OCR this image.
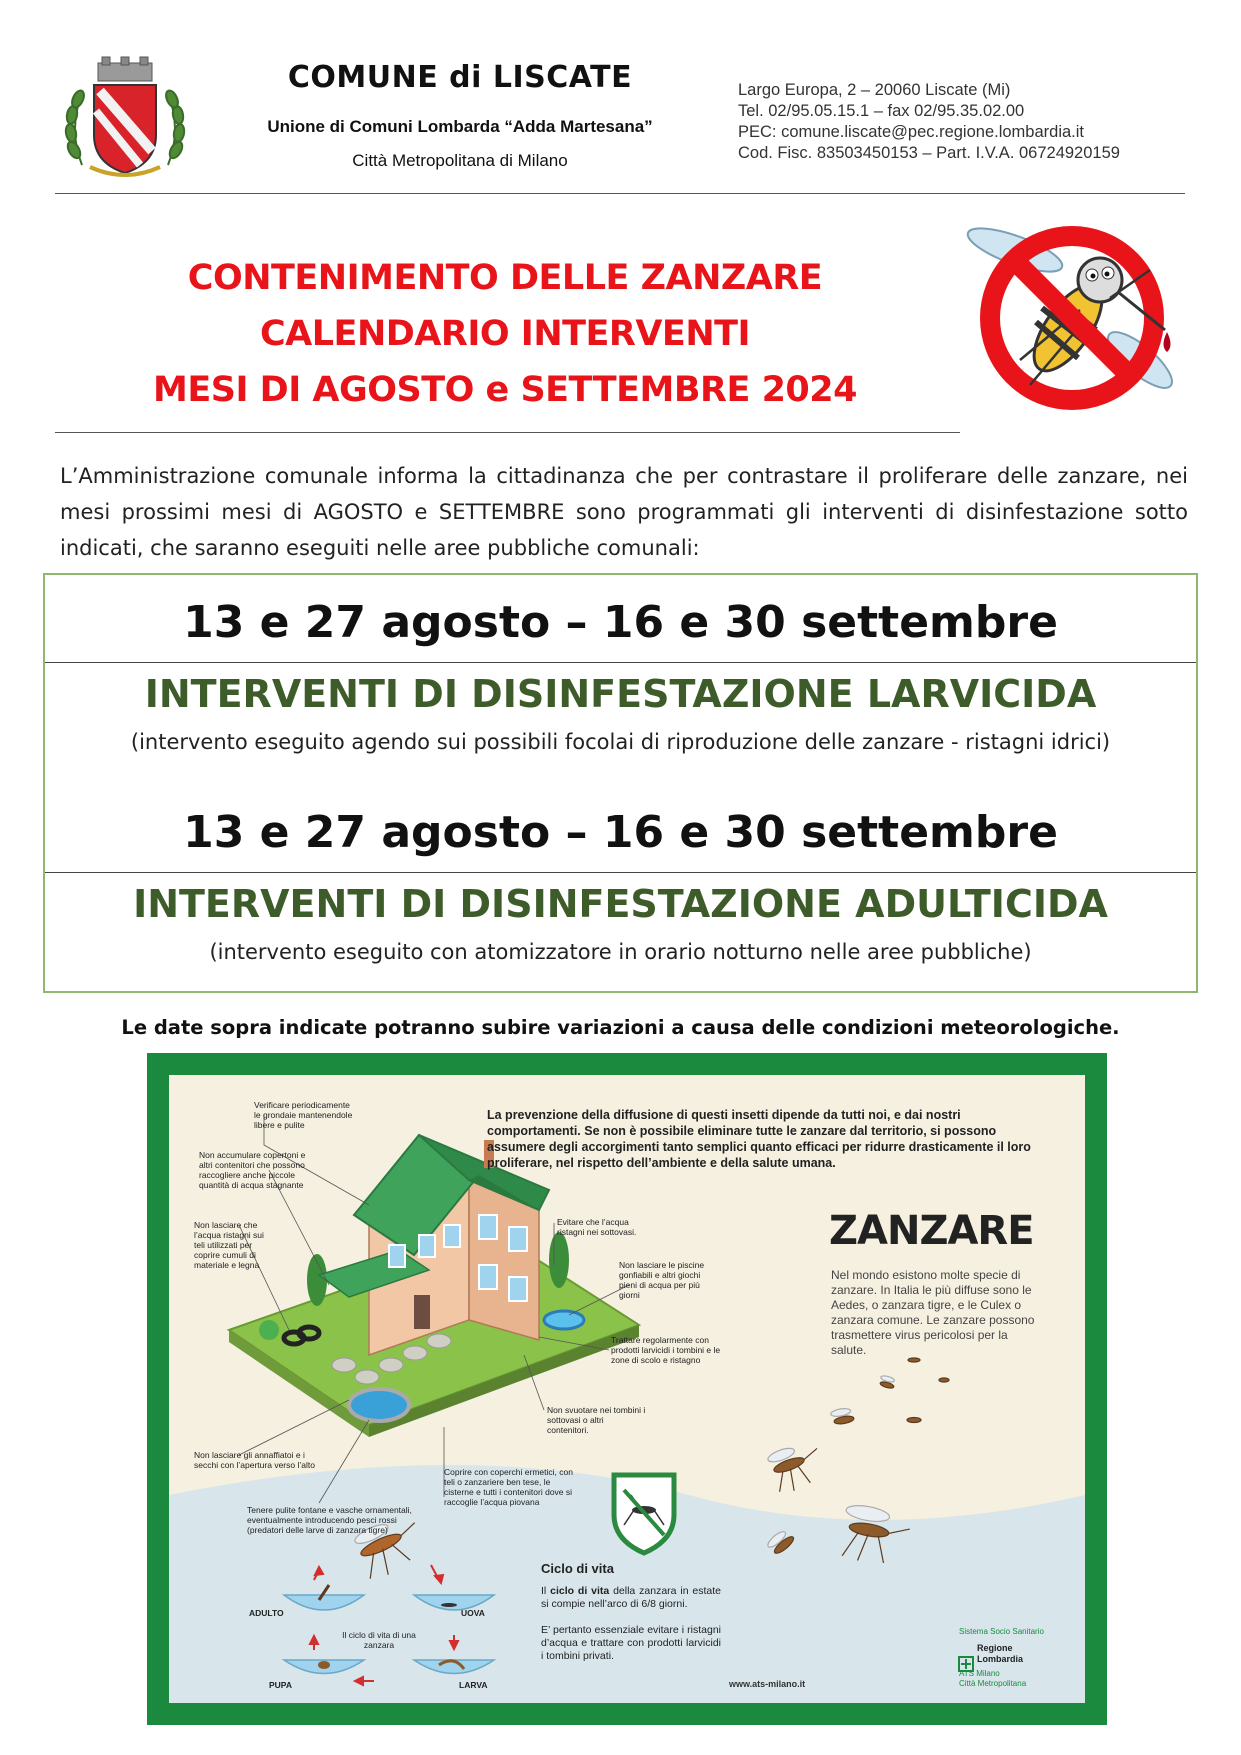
COMUNE di LISCATE
Unione di Comuni Lombarda “Adda Martesana”
Città Metropolitana di Milano
Largo Europa, 2 – 20060 Liscate (Mi)
Tel. 02/95.05.15.1 – fax 02/95.35.02.00
PEC: comune.liscate@pec.regione.lombardia.it
Cod. Fisc. 83503450153 – Part. I.V.A. 06724920159
CONTENIMENTO DELLE ZANZARE
CALENDARIO INTERVENTI
MESI DI AGOSTO e SETTEMBRE 2024

L’Amministrazione comunale informa la cittadinanza che per contrastare il proliferare delle zanzare, nei mesi prossimi mesi di AGOSTO e SETTEMBRE sono programmati gli interventi di disinfestazione sotto indicati, che saranno eseguiti nelle aree pubbliche comunali:

13 e 27 agosto – 16 e 30 settembre
INTERVENTI DI DISINFESTAZIONE LARVICIDA
(intervento eseguito agendo sui possibili focolai di riproduzione delle zanzare - ristagni idrici)
13 e 27 agosto – 16 e 30 settembre
INTERVENTI DI DISINFESTAZIONE ADULTICIDA
(intervento eseguito con atomizzatore in orario notturno nelle aree pubbliche)
Le date sopra indicate potranno subire variazioni a causa delle condizioni meteorologiche.
La prevenzione della diffusione di questi insetti dipende da tutti noi, e dai nostri comportamenti. Se non è possibile eliminare tutte le zanzare dal territorio, si possono assumere degli accorgimenti tanto semplici quanto efficaci per ridurre drasticamente il loro proliferare, nel rispetto dell’ambiente e della salute umana.
ZANZARE
Nel mondo esistono molte specie di zanzare. In Italia le più diffuse sono le Aedes, o zanzara tigre, e le Culex o zanzara comune. Le zanzare possono trasmettere virus pericolosi per la salute.
Verificare periodicamente le grondaie mantenendole libere e pulite
Non accumulare copertoni e altri contenitori che possono raccogliere anche piccole quantità di acqua stagnante
Non lasciare che l’acqua ristagni sui teli utilizzati per coprire cumuli di materiale e legna
Non lasciare gli annaffiatoi e i secchi con l’apertura verso l’alto
Tenere pulite fontane e vasche ornamentali, eventualmente introducendo pesci rossi (predatori delle larve di zanzara tigre)
Evitare che l’acqua ristagni nei sottovasi.
Non lasciare le piscine gonfiabili e altri giochi pieni di acqua per più giorni
Trattare regolarmente con prodotti larvicidi i tombini e le zone di scolo e ristagno
Non svuotare nei tombini i sottovasi o altri contenitori.
Coprire con coperchi ermetici, con teli o zanzariere ben tese, le cisterne e tutti i contenitori dove si raccoglie l’acqua piovana
Ciclo di vita
Il ciclo di vita della zanzara in estate si compie nell’arco di 6/8 giorni.

E’ pertanto essenziale evitare i ristagni d’acqua e trattare con prodotti larvicidi i tombini privati.
ADULTO	UOVA
PUPA	LARVA
Il ciclo di vita di una zanzara
Sistema Socio Sanitario
Regione
Lombardia
ATS Milano
Città Metropolitana
www.ats-milano.it
